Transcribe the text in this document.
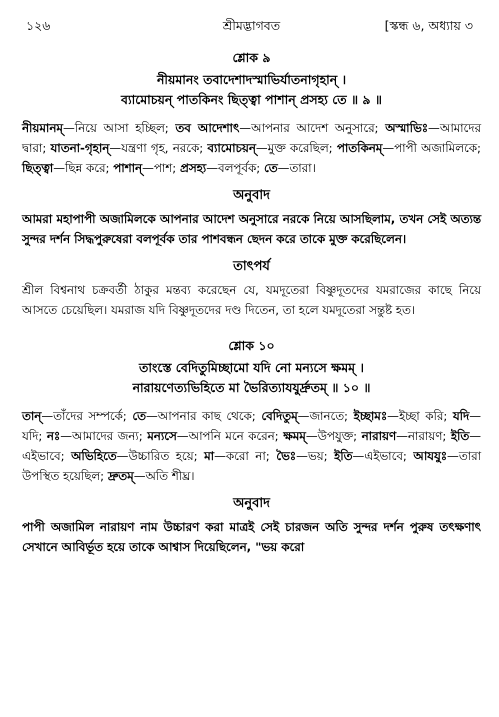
১২৬	শ্রীমদ্ভাগবত	[স্কন্ধ ৬, অধ্যায় ৩
শ্লোক ৯
নীয়মানং তবাদেশাদস্মাভির্যাতনাগৃহান্ ।
ব্যামোচয়ন্ পাতকিনং ছিত্ত্বা পাশান্ প্রসহ্য তে ॥ ৯ ॥

নীয়মানম্—নিয়ে আসা হচ্ছিল; তব আদেশাৎ—আপনার আদেশ অনুসারে; অস্মাভিঃ—আমাদের দ্বারা; যাতনা-গৃহান্—যন্ত্রণা গৃহ, নরকে; ব্যামোচয়ন্—মুক্ত করেছিল; পাতকিনম্—পাপী অজামিলকে; ছিত্ত্বা—ছিন্ন করে; পাশান্—পাশ; প্রসহ্য—বলপূর্বক; তে—তারা।

অনুবাদ

আমরা মহাপাপী অজামিলকে আপনার আদেশ অনুসারে নরকে নিয়ে আসছিলাম, তখন সেই অত্যন্ত সুন্দর দর্শন সিদ্ধপুরুষেরা বলপূর্বক তার পাশবন্ধন ছেদন করে তাকে মুক্ত করেছিলেন।

তাৎপর্য

শ্রীল বিশ্বনাথ চক্রবর্তী ঠাকুর মন্তব্য করেছেন যে, যমদূতেরা বিষ্ণুদূতদের যমরাজের কাছে নিয়ে আসতে চেয়েছিল। যমরাজ যদি বিষ্ণুদূতদের দণ্ড দিতেন, তা হলে যমদূতেরা সন্তুষ্ট হত।

শ্লোক ১০
তাংস্তে বেদিতুমিচ্ছামো যদি নো মন্যসে ক্ষমম্ ।
নারায়ণেত্যভিহিতে মা ভৈরিত্যাযযুর্দ্রুতম্ ॥ ১০ ॥

তান্—তাঁদের সম্পর্কে; তে—আপনার কাছ থেকে; বেদিতুম্—জানতে; ইচ্ছামঃ—ইচ্ছা করি; যদি—যদি; নঃ—আমাদের জন্য; মন্যসে—আপনি মনে করেন; ক্ষমম্—উপযুক্ত; নারায়ণ—নারায়ণ; ইতি—এইভাবে; অভিহিতে—উচ্চারিত হয়ে; মা—করো না; ভৈঃ—ভয়; ইতি—এইভাবে; আযযুঃ—তারা উপস্থিত হয়েছিল; দ্রুতম্—অতি শীঘ্র।

অনুবাদ

পাপী অজামিল নারায়ণ নাম উচ্চারণ করা মাত্রই সেই চারজন অতি সুন্দর দর্শন পুরুষ তৎক্ষণাৎ সেখানে আবির্ভূত হয়ে তাকে আশ্বাস দিয়েছিলেন, "ভয় করো
